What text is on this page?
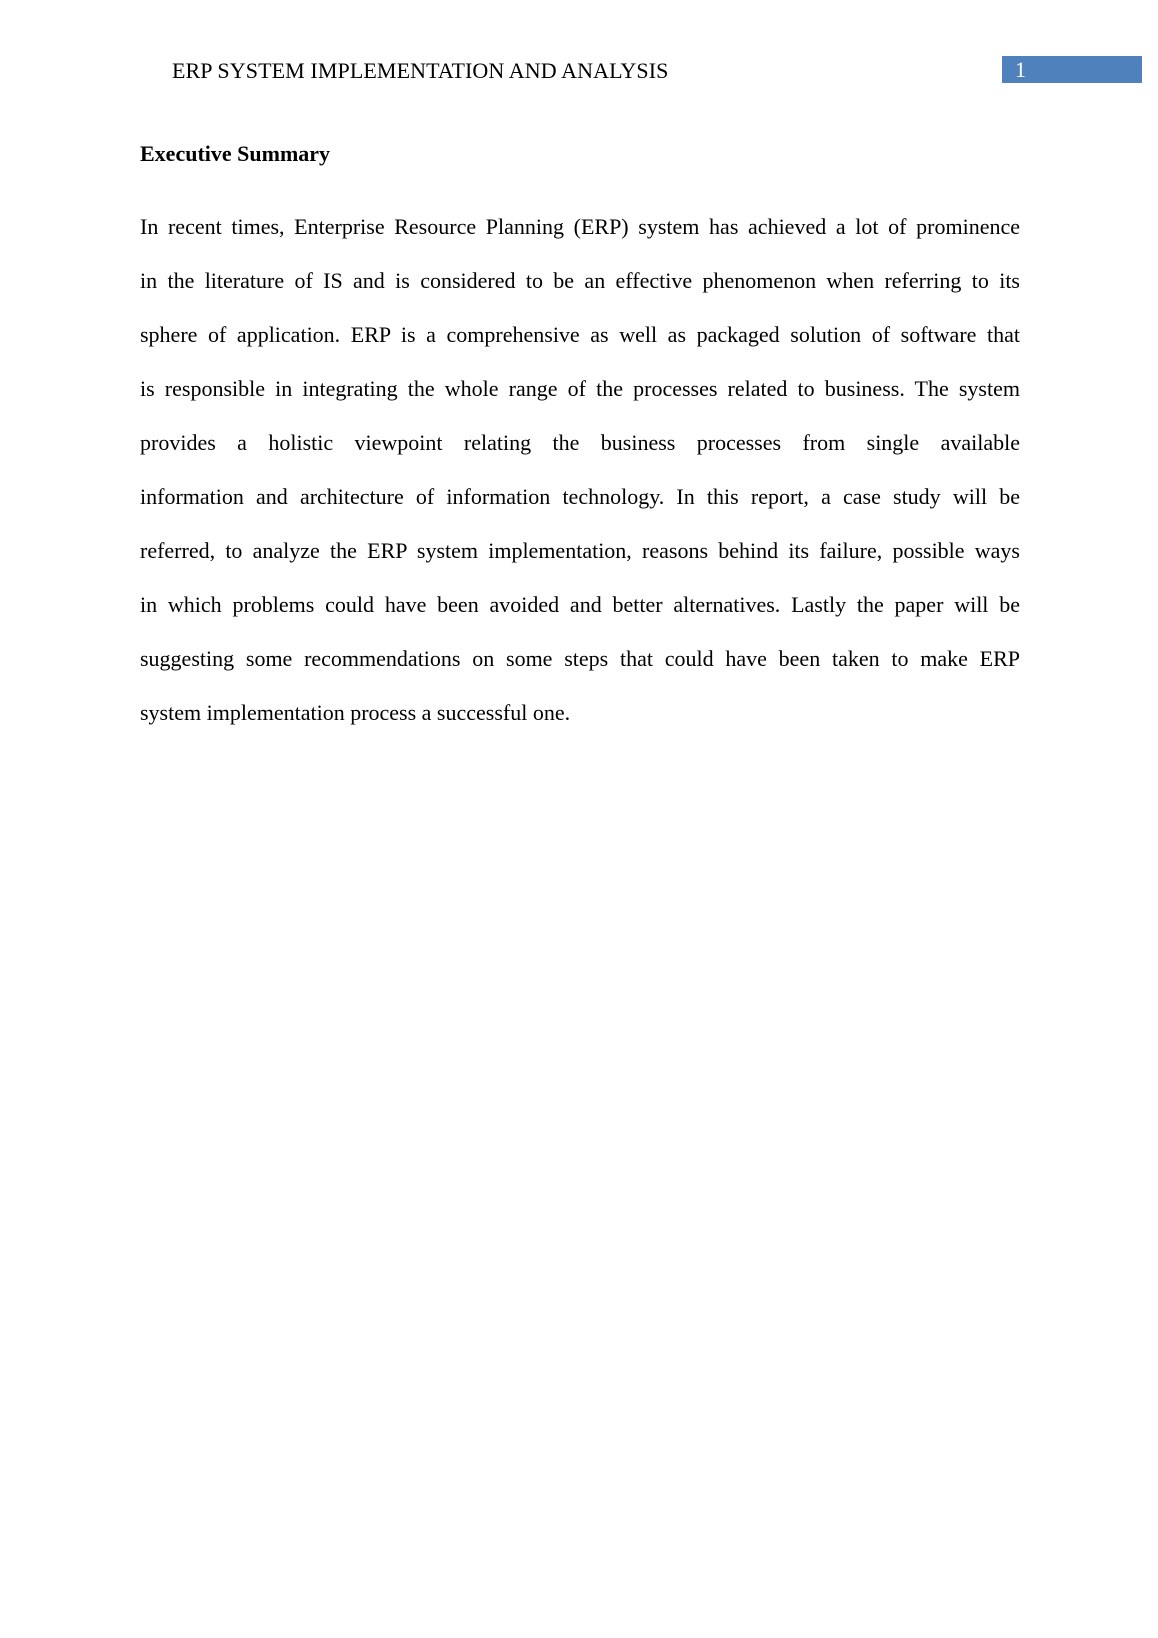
ERP SYSTEM IMPLEMENTATION AND ANALYSIS	1
Executive Summary
In recent times, Enterprise Resource Planning (ERP) system has achieved a lot of prominence
in the literature of IS and is considered to be an effective phenomenon when referring to its
sphere of application. ERP is a comprehensive as well as packaged solution of software that
is responsible in integrating the whole range of the processes related to business. The system
provides a holistic viewpoint relating the business processes from single available
information and architecture of information technology. In this report, a case study will be
referred, to analyze the ERP system implementation, reasons behind its failure, possible ways
in which problems could have been avoided and better alternatives. Lastly the paper will be
suggesting some recommendations on some steps that could have been taken to make ERP
system implementation process a successful one.
